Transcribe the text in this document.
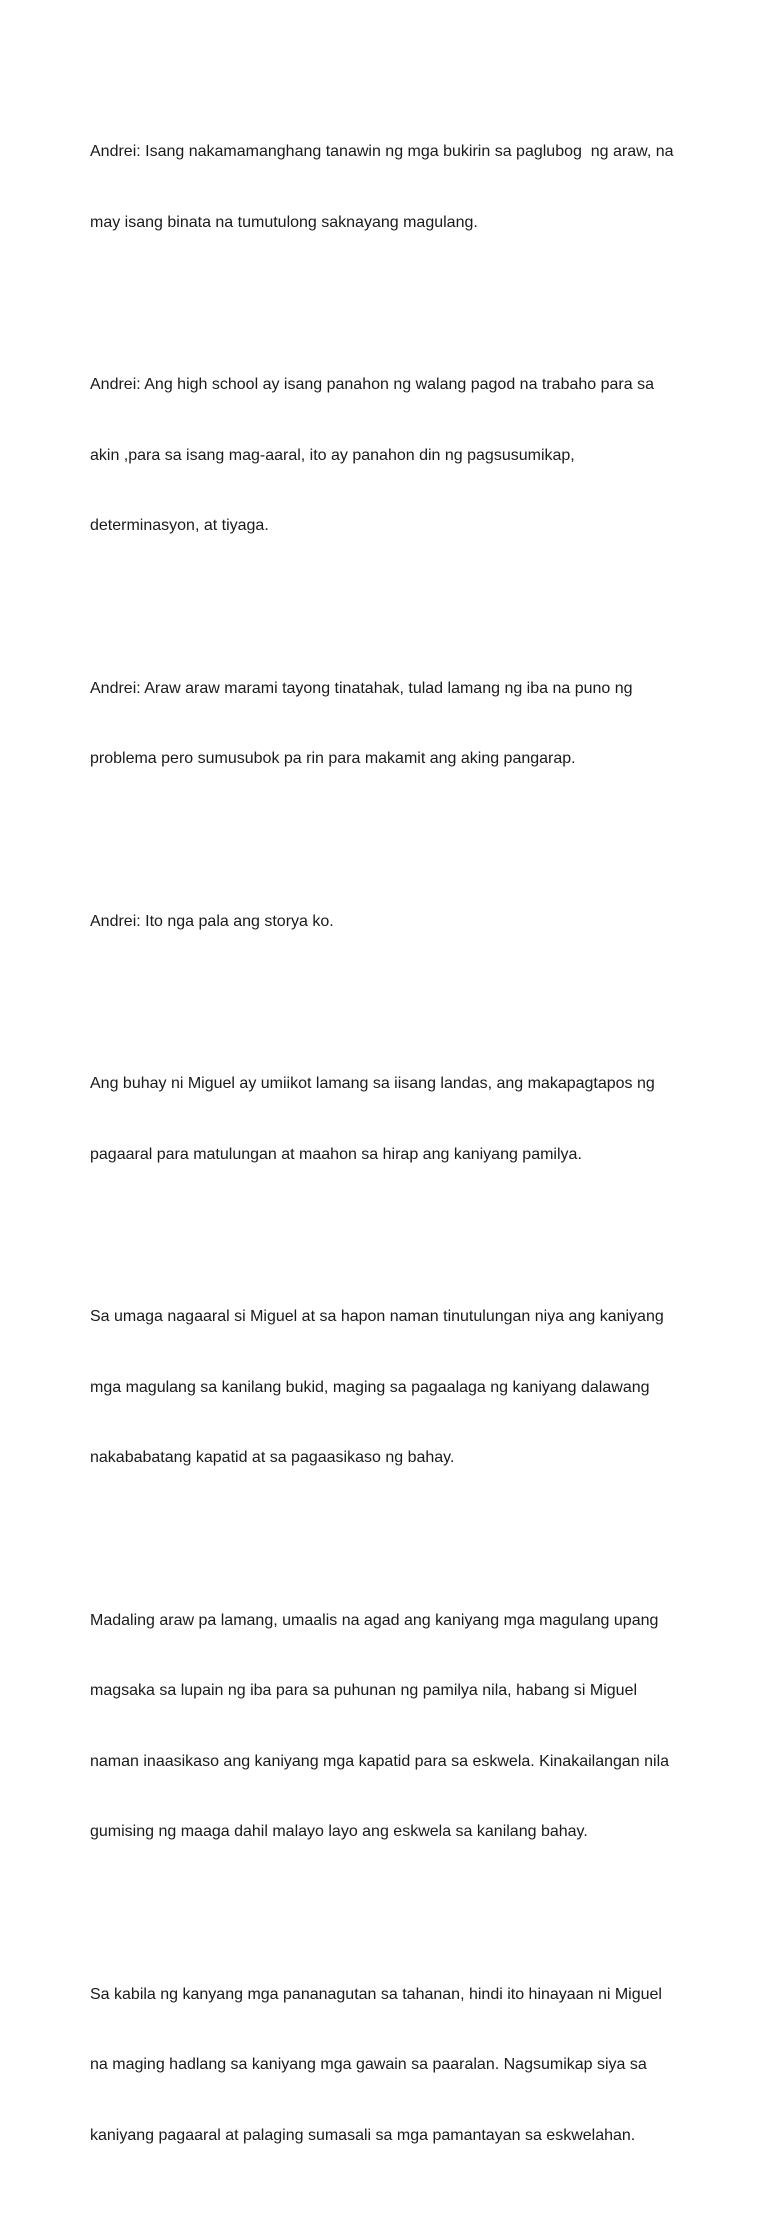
Andrei: Isang nakamamanghang tanawin ng mga bukirin sa paglubog  ng araw, na

may isang binata na tumutulong saknayang magulang.

Andrei: Ang high school ay isang panahon ng walang pagod na trabaho para sa

akin ,para sa isang mag-aaral, ito ay panahon din ng pagsusumikap,

determinasyon, at tiyaga.

Andrei: Araw araw marami tayong tinatahak, tulad lamang ng iba na puno ng

problema pero sumusubok pa rin para makamit ang aking pangarap.

Andrei: Ito nga pala ang storya ko.

Ang buhay ni Miguel ay umiikot lamang sa iisang landas, ang makapagtapos ng

pagaaral para matulungan at maahon sa hirap ang kaniyang pamilya.

Sa umaga nagaaral si Miguel at sa hapon naman tinutulungan niya ang kaniyang

mga magulang sa kanilang bukid, maging sa pagaalaga ng kaniyang dalawang

nakababatang kapatid at sa pagaasikaso ng bahay.

Madaling araw pa lamang, umaalis na agad ang kaniyang mga magulang upang

magsaka sa lupain ng iba para sa puhunan ng pamilya nila, habang si Miguel

naman inaasikaso ang kaniyang mga kapatid para sa eskwela. Kinakailangan nila

gumising ng maaga dahil malayo layo ang eskwela sa kanilang bahay.

Sa kabila ng kanyang mga pananagutan sa tahanan, hindi ito hinayaan ni Miguel

na maging hadlang sa kaniyang mga gawain sa paaralan. Nagsumikap siya sa

kaniyang pagaaral at palaging sumasali sa mga pamantayan sa eskwelahan.
